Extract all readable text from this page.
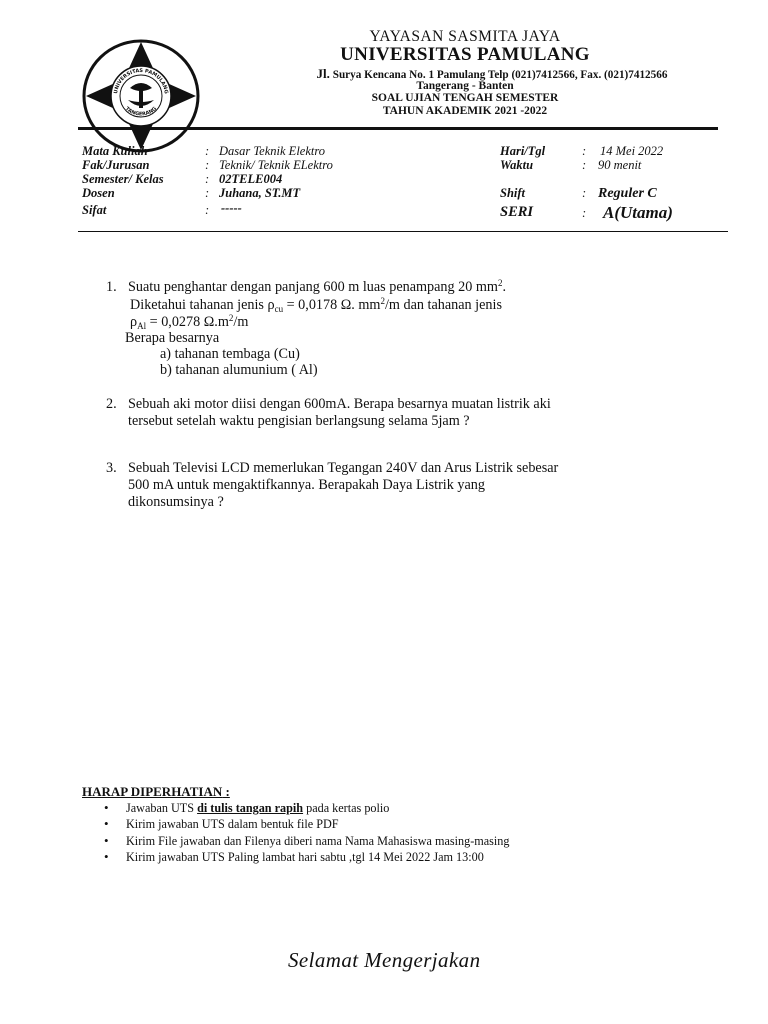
UNIVERSITAS PAMULANG
TANGERANG
YAYASAN SASMITA JAYA
UNIVERSITAS PAMULANG
Jl. Surya Kencana No. 1 Pamulang Telp (021)7412566, Fax. (021)7412566
Tangerang - Banten
SOAL UJIAN TENGAH SEMESTER
TAHUN AKADEMIK 2021 -2022
Mata Kuliah	: Dasar Teknik Elektro
Fak/Jurusan	: Teknik/ Teknik ELektro
Semester/ Kelas	: 02TELE004
Dosen	: Juhana, ST.MT
Sifat	: -----
Hari/Tgl	: 14 Mei 2022
Waktu	: 90 menit
Shift	: Reguler C
SERI	: A(Utama)
1. Suatu penghantar dengan panjang 600 m luas penampang 20 $mm^2$.
Diketahui tahanan jenis $\rho_{cu} = 0,0178$ Ω. $mm^2/m$ dan tahanan jenis
$\rho_{Al} = 0,0278$ $\Omega.m^2/m$
Berapa besarnya
a) tahanan tembaga (Cu)
b) tahanan alumunium ( Al)
2. Sebuah aki motor diisi dengan 600mA. Berapa besarnya muatan listrik aki
tersebut setelah waktu pengisian berlangsung selama 5jam ?
3. Sebuah Televisi LCD memerlukan Tegangan 240V dan Arus Listrik sebesar
500 mA untuk mengaktifkannya. Berapakah Daya Listrik yang
dikonsumsinya ?
HARAP DIPERHATIAN :
• Jawaban UTS di tulis tangan rapih pada kertas polio
• Kirim jawaban UTS dalam bentuk file PDF
• Kirim File jawaban dan Filenya diberi nama Nama Mahasiswa masing-masing
• Kirim jawaban UTS Paling lambat hari sabtu ,tgl 14 Mei 2022 Jam 13:00
Selamat Mengerjakan
